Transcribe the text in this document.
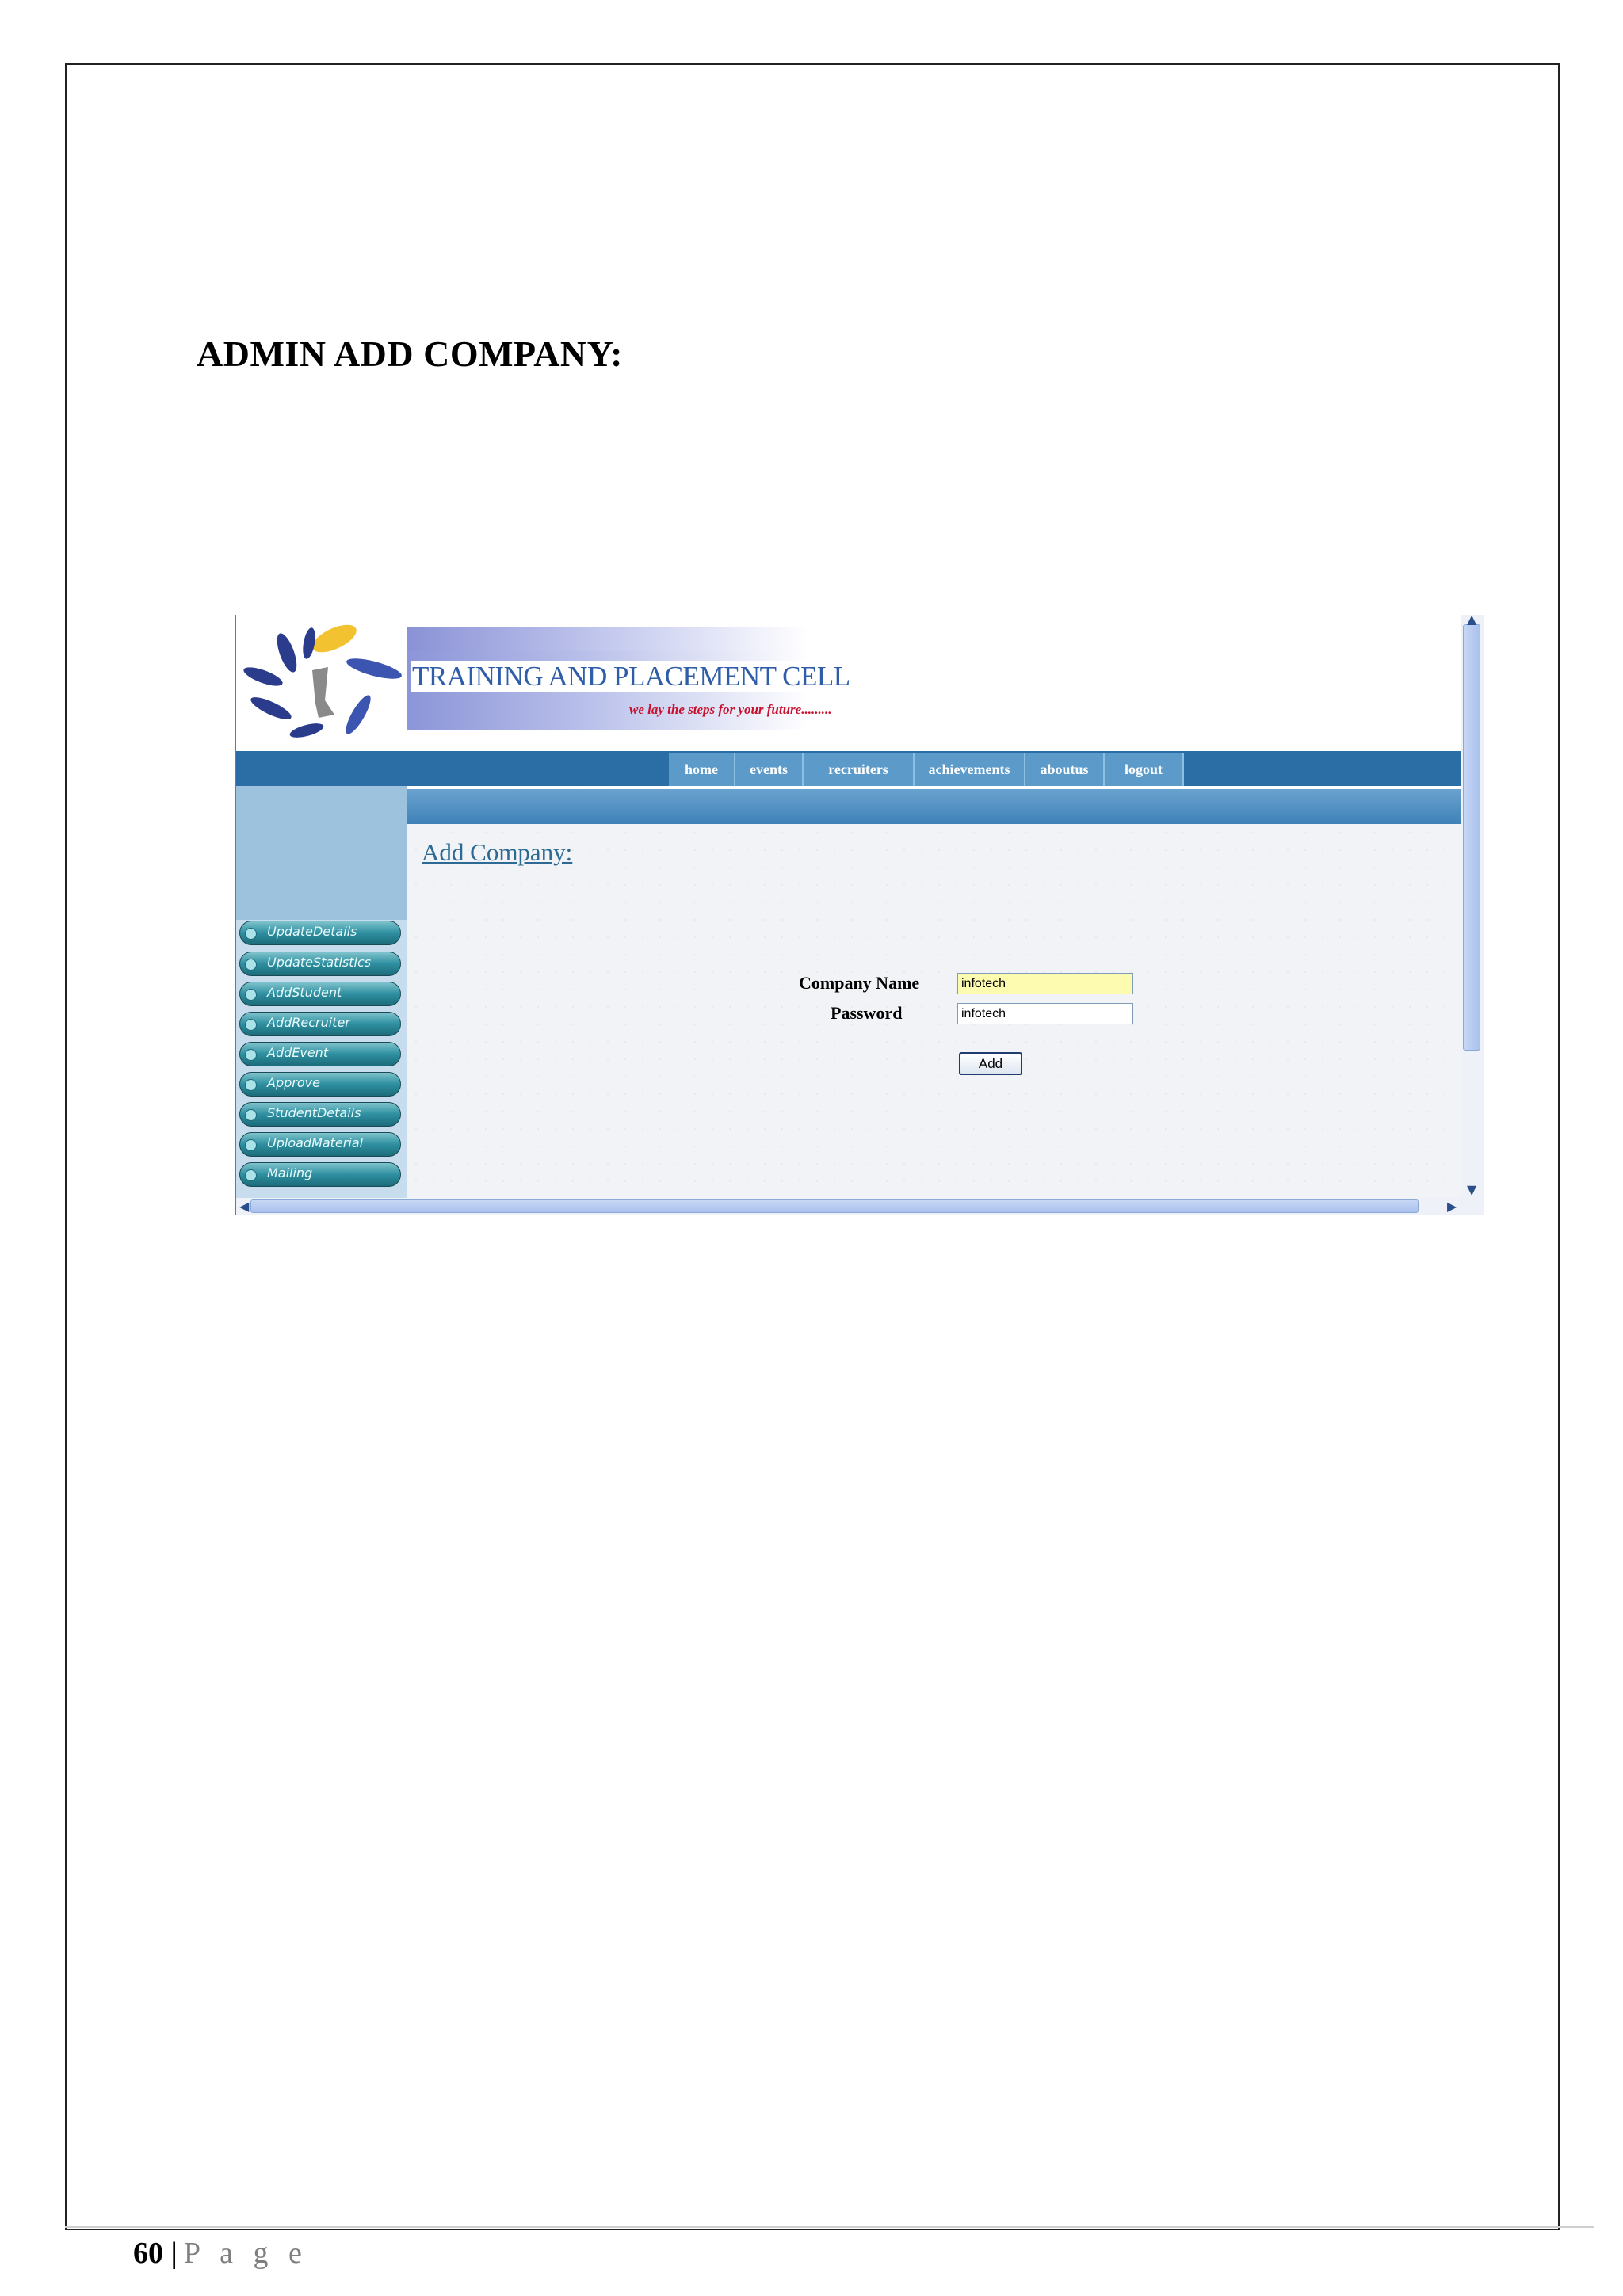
ADMIN ADD COMPANY:
TRAINING AND PLACEMENT CELL
we lay the steps for your future.........
home	events	recruiters	achievements	aboutus	logout
Add Company:
UpdateDetails
UpdateStatistics
AddStudent
AddRecruiter
AddEvent
Approve
StudentDetails
UploadMaterial
Mailing
Company Name
infotech
Password
infotech
Add
▲
▼
◀	▶
60 | P a g e
